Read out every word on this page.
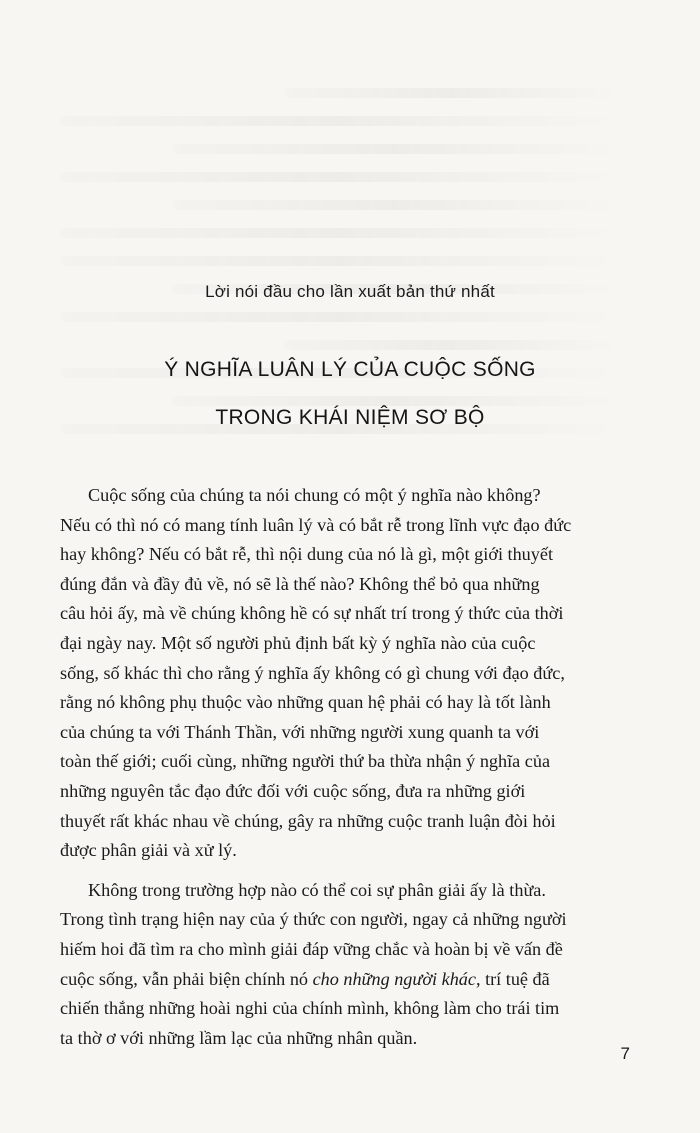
Lời nói đầu cho lần xuất bản thứ nhất
Ý NGHĨA LUÂN LÝ CỦA CUỘC SỐNG
TRONG KHÁI NIỆM SƠ BỘ

Cuộc sống của chúng ta nói chung có một ý nghĩa nào không?
Nếu có thì nó có mang tính luân lý và có bắt rễ trong lĩnh vực đạo đức
hay không? Nếu có bắt rễ, thì nội dung của nó là gì, một giới thuyết
đúng đắn và đầy đủ về, nó sẽ là thế nào? Không thể bỏ qua những
câu hỏi ấy, mà về chúng không hề có sự nhất trí trong ý thức của thời
đại ngày nay. Một số người phủ định bất kỳ ý nghĩa nào của cuộc
sống, số khác thì cho rằng ý nghĩa ấy không có gì chung với đạo đức,
rằng nó không phụ thuộc vào những quan hệ phải có hay là tốt lành
của chúng ta với Thánh Thần, với những người xung quanh ta với
toàn thế giới; cuối cùng, những người thứ ba thừa nhận ý nghĩa của
những nguyên tắc đạo đức đối với cuộc sống, đưa ra những giới
thuyết rất khác nhau về chúng, gây ra những cuộc tranh luận đòi hỏi
được phân giải và xử lý.

Không trong trường hợp nào có thể coi sự phân giải ấy là thừa.
Trong tình trạng hiện nay của ý thức con người, ngay cả những người
hiếm hoi đã tìm ra cho mình giải đáp vững chắc và hoàn bị về vấn đề
cuộc sống, vẫn phải biện chính nó cho những người khác, trí tuệ đã
chiến thắng những hoài nghi của chính mình, không làm cho trái tim
ta thờ ơ với những lầm lạc của những nhân quần.

7
